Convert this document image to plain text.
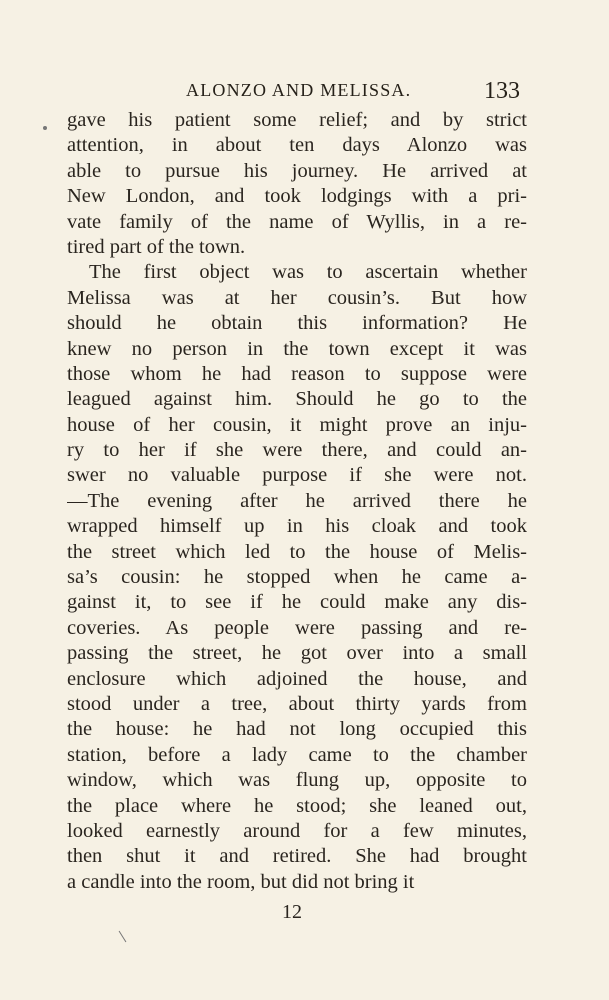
ALONZO AND MELISSA.	133
gave his patient some relief; and by strict
attention, in about ten days Alonzo was
able to pursue his journey. He arrived at
New London, and took lodgings with a pri-
vate family of the name of Wyllis, in a re-
tired part of the town.
The first object was to ascertain whether
Melissa was at her cousin’s. But how
should he obtain this information? He
knew no person in the town except it was
those whom he had reason to suppose were
leagued against him. Should he go to the
house of her cousin, it might prove an inju-
ry to her if she were there, and could an-
swer no valuable purpose if she were not.
—The evening after he arrived there he
wrapped himself up in his cloak and took
the street which led to the house of Melis-
sa’s cousin: he stopped when he came a-
gainst it, to see if he could make any dis-
coveries. As people were passing and re-
passing the street, he got over into a small
enclosure which adjoined the house, and
stood under a tree, about thirty yards from
the house: he had not long occupied this
station, before a lady came to the chamber
window, which was flung up, opposite to
the place where he stood; she leaned out,
looked earnestly around for a few minutes,
then shut it and retired. She had brought
a candle into the room, but did not bring it
12
